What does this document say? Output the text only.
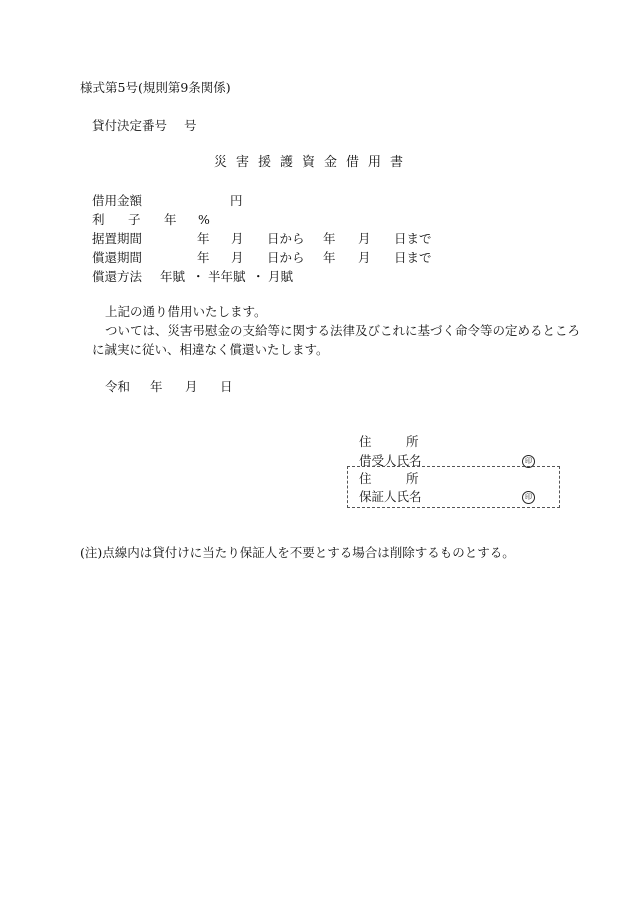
様式第5号(規則第9条関係)
貸付決定番号 号
災害援護資金借用書
借用金額	円
利 子 年 %
据置期間	年 月 日から 年 月 日まで
償還期間	年 月 日から 年 月 日まで
償還方法 年賦 ・ 半年賦 ・ 月賦
上記の通り借用いたします。
ついては、災害弔慰金の支給等に関する法律及びこれに基づく命令等の定めるところ
に誠実に従い、相違なく償還いたします。
令和 年 月 日
住	所
借受人氏名	印
住	所
保証人氏名	印
(注)点線内は貸付けに当たり保証人を不要とする場合は削除するものとする。
